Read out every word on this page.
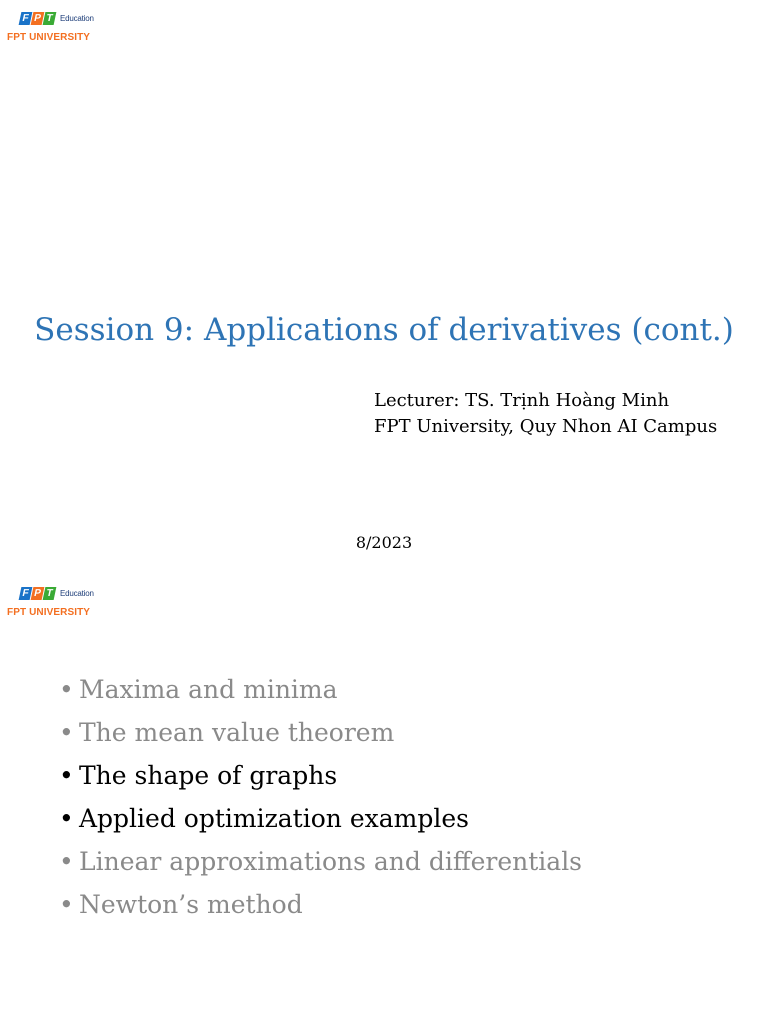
F P T Education
FPT UNIVERSITY
Session 9: Applications of derivatives (cont.)
Lecturer: TS. Trịnh Hoàng Minh
FPT University, Quy Nhon AI Campus
8/2023
F P T Education
FPT UNIVERSITY
• Maxima and minima
• The mean value theorem
• The shape of graphs
• Applied optimization examples
• Linear approximations and differentials
• Newton’s method
